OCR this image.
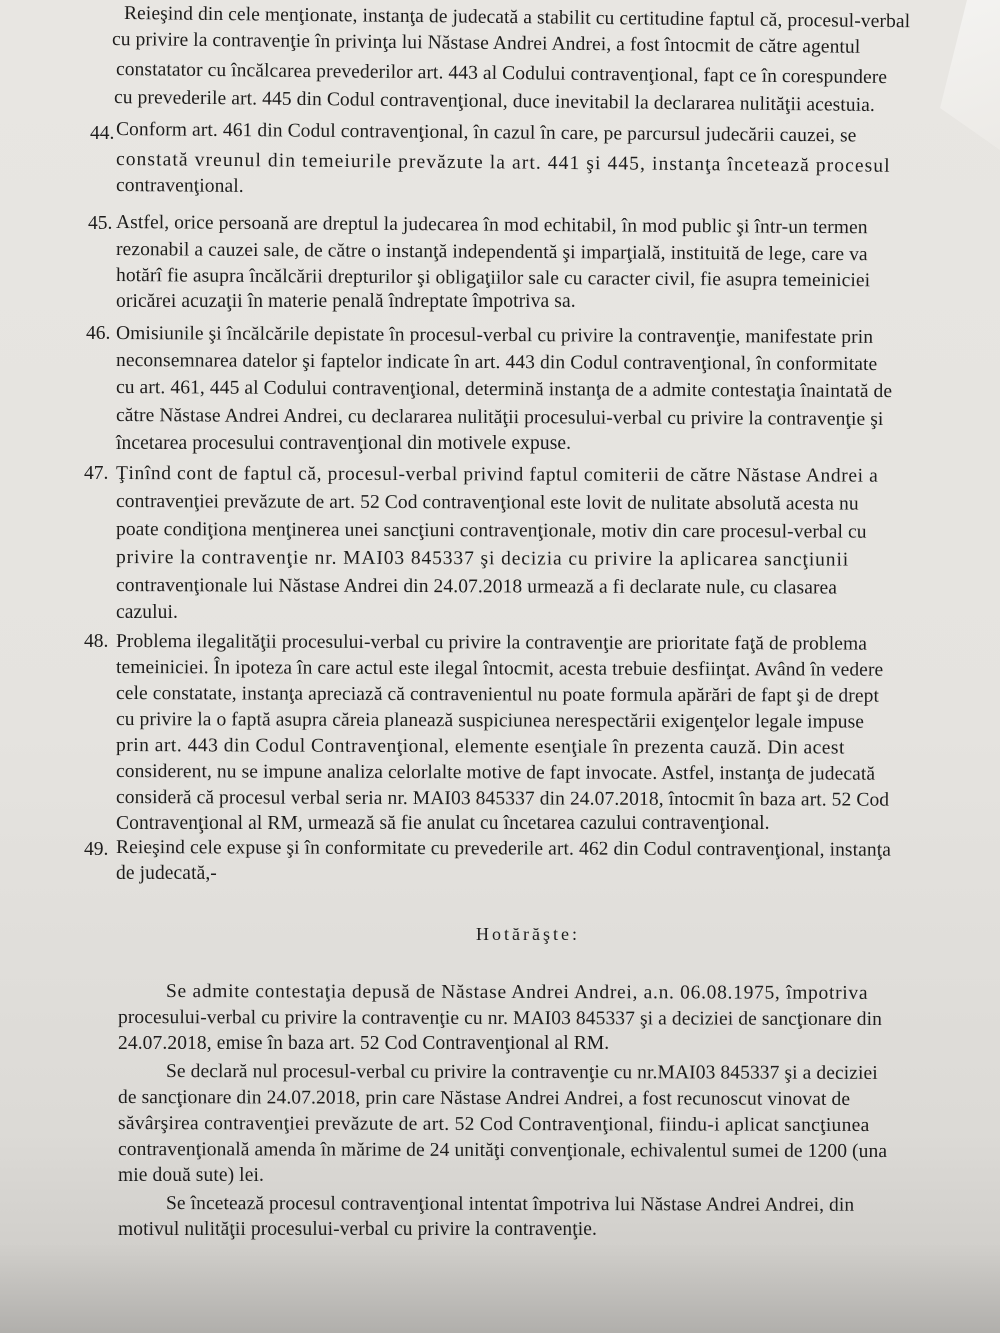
Reieşind din cele menţionate, instanţa de judecată a stabilit cu certitudine faptul că, procesul-verbal
cu privire la contravenţie în privinţa lui Năstase Andrei Andrei, a fost întocmit de către agentul
constatator cu încălcarea prevederilor art. 443 al Codului contravenţional, fapt ce în corespundere
cu prevederile art. 445 din Codul contravenţional, duce inevitabil la declararea nulităţii acestuia.
44. Conform art. 461 din Codul contravenţional, în cazul în care, pe parcursul judecării cauzei, se
constată vreunul din temeiurile prevăzute la art. 441 şi 445, instanţa încetează procesul
contravenţional.
45. Astfel, orice persoană are dreptul la judecarea în mod echitabil, în mod public şi într-un termen
rezonabil a cauzei sale, de către o instanţă independentă şi imparţială, instituită de lege, care va
hotărî fie asupra încălcării drepturilor şi obligaţiilor sale cu caracter civil, fie asupra temeiniciei
oricărei acuzaţii în materie penală îndreptate împotriva sa.
46. Omisiunile şi încălcările depistate în procesul-verbal cu privire la contravenţie, manifestate prin
neconsemnarea datelor şi faptelor indicate în art. 443 din Codul contravenţional, în conformitate
cu art. 461, 445 al Codului contravenţional, determină instanţa de a admite contestaţia înaintată de
către Năstase Andrei Andrei, cu declararea nulităţii procesului-verbal cu privire la contravenţie şi
încetarea procesului contravenţional din motivele expuse.
47. Ţinînd cont de faptul că, procesul-verbal privind faptul comiterii de către Năstase Andrei a
contravenţiei prevăzute de art. 52 Cod contravenţional este lovit de nulitate absolută acesta nu
poate condiţiona menţinerea unei sancţiuni contravenţionale, motiv din care procesul-verbal cu
privire la contravenţie nr. MAI03 845337 şi decizia cu privire la aplicarea sancţiunii
contravenţionale lui Năstase Andrei din 24.07.2018 urmează a fi declarate nule, cu clasarea
cazului.
48. Problema ilegalităţii procesului-verbal cu privire la contravenţie are prioritate faţă de problema
temeiniciei. În ipoteza în care actul este ilegal întocmit, acesta trebuie desfiinţat. Având în vedere
cele constatate, instanţa apreciază că contravenientul nu poate formula apărări de fapt şi de drept
cu privire la o faptă asupra căreia planează suspiciunea nerespectării exigenţelor legale impuse
prin art. 443 din Codul Contravenţional, elemente esenţiale în prezenta cauză. Din acest
considerent, nu se impune analiza celorlalte motive de fapt invocate. Astfel, instanţa de judecată
consideră că procesul verbal seria nr. MAI03 845337 din 24.07.2018, întocmit în baza art. 52 Cod
Contravenţional al RM, urmează să fie anulat cu încetarea cazului contravenţional.
49. Reieşind cele expuse şi în conformitate cu prevederile art. 462 din Codul contravenţional, instanţa
de judecată,-
Hotărăşte:
Se admite contestaţia depusă de Năstase Andrei Andrei, a.n. 06.08.1975, împotriva
procesului-verbal cu privire la contravenţie cu nr. MAI03 845337 şi a deciziei de sancţionare din
24.07.2018, emise în baza art. 52 Cod Contravenţional al RM.
Se declară nul procesul-verbal cu privire la contravenţie cu nr.MAI03 845337 şi a deciziei
de sancţionare din 24.07.2018, prin care Năstase Andrei Andrei, a fost recunoscut vinovat de
săvârşirea contravenţiei prevăzute de art. 52 Cod Contravenţional, fiindu-i aplicat sancţiunea
contravenţională amenda în mărime de 24 unităţi convenţionale, echivalentul sumei de 1200 (una
mie două sute) lei.
Se încetează procesul contravenţional intentat împotriva lui Năstase Andrei Andrei, din
motivul nulităţii procesului-verbal cu privire la contravenţie.
